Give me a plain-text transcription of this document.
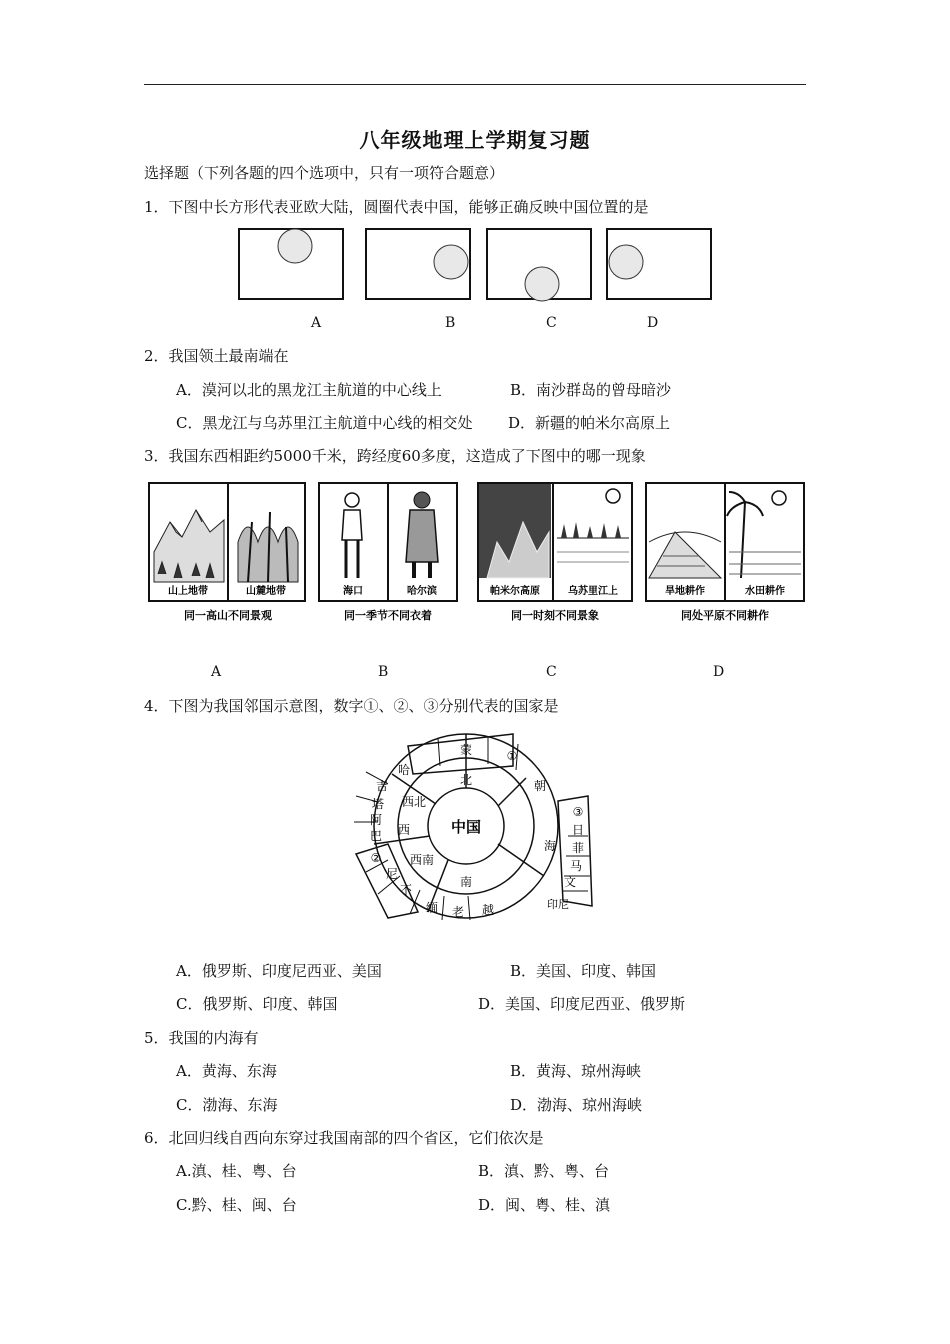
八年级地理上学期复习题
选择题（下列各题的四个选项中，只有一项符合题意）
1．下图中长方形代表亚欧大陆，圆圈代表中国，能够正确反映中国位置的是
A	B	C	D
2．我国领土最南端在
A．漠河以北的黑龙江主航道的中心线上	B．南沙群岛的曾母暗沙
C．黑龙江与乌苏里江主航道中心线的相交处 D．新疆的帕米尔高原上
3．我国东西相距约5000千米，跨经度60多度，这造成了下图中的哪一现象
山上地带	山麓地带
同一高山不同景观
海口	哈尔滨
同一季节不同衣着
帕米尔高原	乌苏里江上
同一时刻不同景象
旱地耕作	水田耕作
同处平原不同耕作
A	B	C	D
4．下图为我国邻国示意图，数字①、②、③分别代表的国家是
中国
北
西北
西
西南
南
海
蒙	①
朝
③
日
菲
马
文
印尼
越
老
缅
不
尼
②
巴
阿
塔
吉
哈
A．俄罗斯、印度尼西亚、美国	B．美国、印度、韩国
C．俄罗斯、印度、韩国	D．美国、印度尼西亚、俄罗斯
5．我国的内海有
A．黄海、东海	B．黄海、琼州海峡
C．渤海、东海	D．渤海、琼州海峡
6．北回归线自西向东穿过我国南部的四个省区，它们依次是
A.滇、桂、粤、台	B．滇、黔、粤、台
C.黔、桂、闽、台	D．闽、粤、桂、滇
